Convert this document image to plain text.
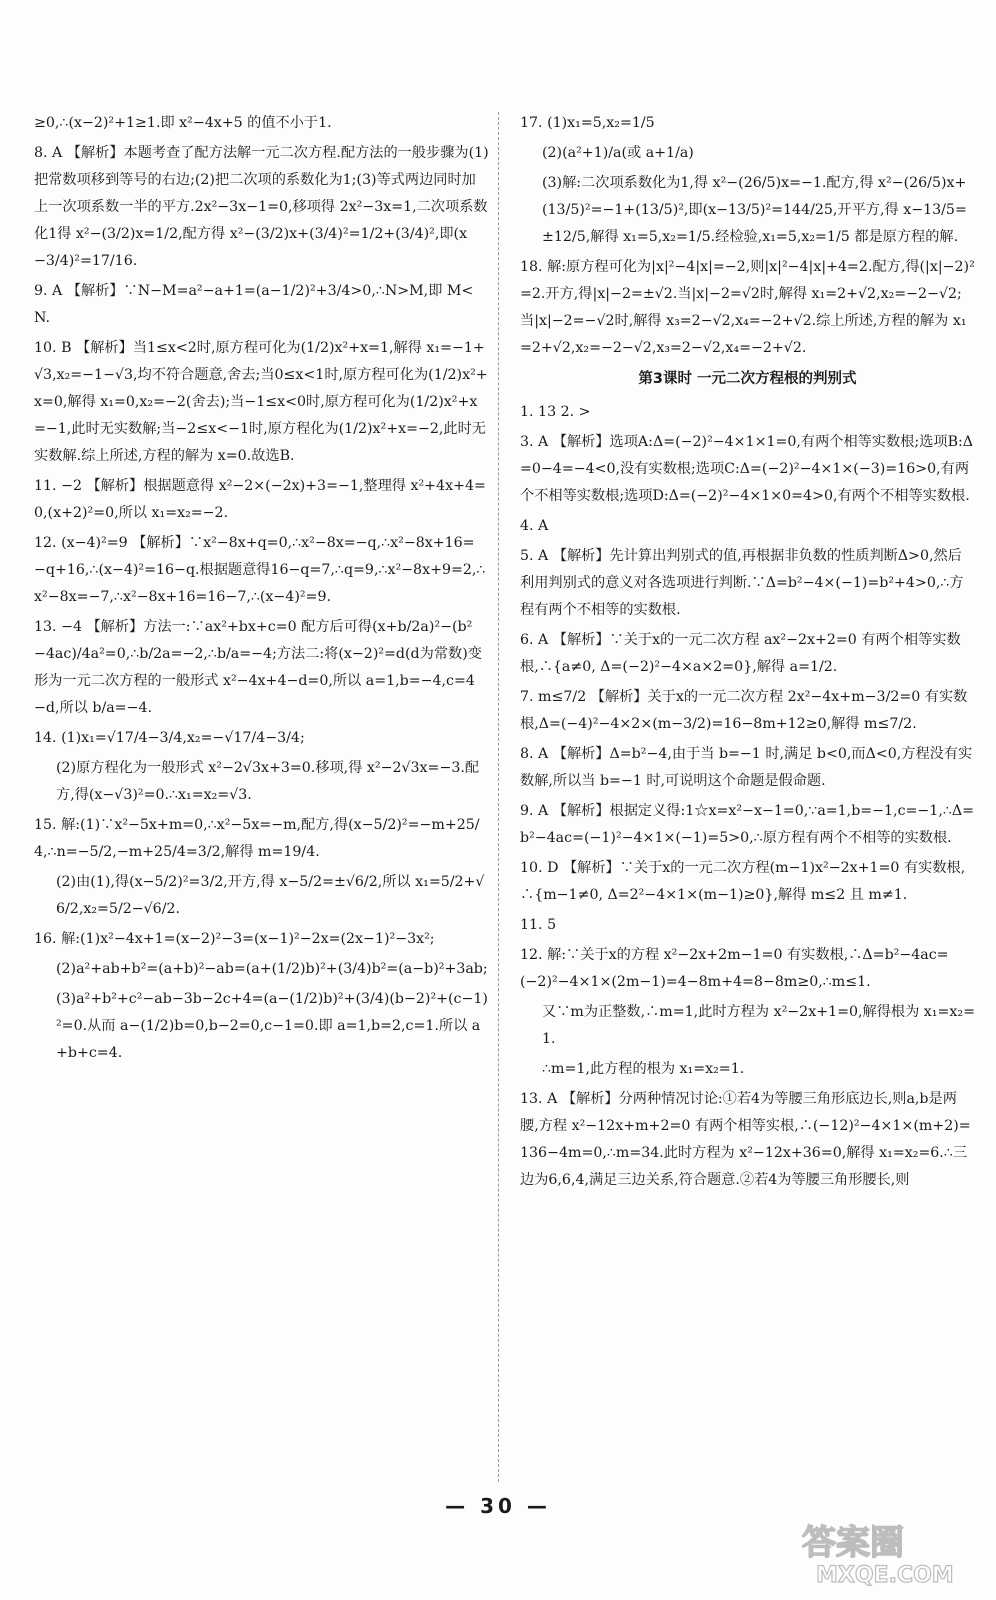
≥0,∴(x−2)²+1≥1.即 x²−4x+5 的值不小于1.

8. A 【解析】本题考查了配方法解一元二次方程.配方法的一般步骤为(1)把常数项移到等号的右边;(2)把二次项的系数化为1;(3)等式两边同时加上一次项系数一半的平方.2x²−3x−1=0,移项得 2x²−3x=1,二次项系数化1得 x²−(3/2)x=1/2,配方得 x²−(3/2)x+(3/4)²=1/2+(3/4)²,即(x−3/4)²=17/16.

9. A 【解析】∵N−M=a²−a+1=(a−1/2)²+3/4>0,∴N>M,即 M<N.

10. B 【解析】当1≤x<2时,原方程可化为(1/2)x²+x=1,解得 x₁=−1+√3,x₂=−1−√3,均不符合题意,舍去;当0≤x<1时,原方程可化为(1/2)x²+x=0,解得 x₁=0,x₂=−2(舍去);当−1≤x<0时,原方程可化为(1/2)x²+x=−1,此时无实数解;当−2≤x<−1时,原方程化为(1/2)x²+x=−2,此时无实数解.综上所述,方程的解为 x=0.故选B.

11. −2 【解析】根据题意得 x²−2×(−2x)+3=−1,整理得 x²+4x+4=0,(x+2)²=0,所以 x₁=x₂=−2.

12. (x−4)²=9 【解析】∵x²−8x+q=0,∴x²−8x=−q,∴x²−8x+16=−q+16,∴(x−4)²=16−q.根据题意得16−q=7,∴q=9,∴x²−8x+9=2,∴x²−8x=−7,∴x²−8x+16=16−7,∴(x−4)²=9.

13. −4 【解析】方法一:∵ax²+bx+c=0 配方后可得(x+b/2a)²−(b²−4ac)/4a²=0,∴b/2a=−2,∴b/a=−4;方法二:将(x−2)²=d(d为常数)变形为一元二次方程的一般形式 x²−4x+4−d=0,所以 a=1,b=−4,c=4−d,所以 b/a=−4.

14. (1)x₁=√17/4−3/4,x₂=−√17/4−3/4;

(2)原方程化为一般形式 x²−2√3x+3=0.移项,得 x²−2√3x=−3.配方,得(x−√3)²=0.∴x₁=x₂=√3.

15. 解:(1)∵x²−5x+m=0,∴x²−5x=−m,配方,得(x−5/2)²=−m+25/4,∴n=−5/2,−m+25/4=3/2,解得 m=19/4.

(2)由(1),得(x−5/2)²=3/2,开方,得 x−5/2=±√6/2,所以 x₁=5/2+√6/2,x₂=5/2−√6/2.

16. 解:(1)x²−4x+1=(x−2)²−3=(x−1)²−2x=(2x−1)²−3x²;

(2)a²+ab+b²=(a+b)²−ab=(a+(1/2)b)²+(3/4)b²=(a−b)²+3ab;

(3)a²+b²+c²−ab−3b−2c+4=(a−(1/2)b)²+(3/4)(b−2)²+(c−1)²=0.从而 a−(1/2)b=0,b−2=0,c−1=0.即 a=1,b=2,c=1.所以 a+b+c=4.

17. (1)x₁=5,x₂=1/5

(2)(a²+1)/a(或 a+1/a)

(3)解:二次项系数化为1,得 x²−(26/5)x=−1.配方,得 x²−(26/5)x+(13/5)²=−1+(13/5)²,即(x−13/5)²=144/25,开平方,得 x−13/5=±12/5,解得 x₁=5,x₂=1/5.经检验,x₁=5,x₂=1/5 都是原方程的解.

18. 解:原方程可化为|x|²−4|x|=−2,则|x|²−4|x|+4=2.配方,得(|x|−2)²=2.开方,得|x|−2=±√2.当|x|−2=√2时,解得 x₁=2+√2,x₂=−2−√2;当|x|−2=−√2时,解得 x₃=2−√2,x₄=−2+√2.综上所述,方程的解为 x₁=2+√2,x₂=−2−√2,x₃=2−√2,x₄=−2+√2.

第3课时 一元二次方程根的判别式

1. 13 2. >

3. A 【解析】选项A:Δ=(−2)²−4×1×1=0,有两个相等实数根;选项B:Δ=0−4=−4<0,没有实数根;选项C:Δ=(−2)²−4×1×(−3)=16>0,有两个不相等实数根;选项D:Δ=(−2)²−4×1×0=4>0,有两个不相等实数根.

4. A

5. A 【解析】先计算出判别式的值,再根据非负数的性质判断Δ>0,然后利用判别式的意义对各选项进行判断.∵Δ=b²−4×(−1)=b²+4>0,∴方程有两个不相等的实数根.

6. A 【解析】∵关于x的一元二次方程 ax²−2x+2=0 有两个相等实数根,∴{a≠0, Δ=(−2)²−4×a×2=0},解得 a=1/2.

7. m≤7/2 【解析】关于x的一元二次方程 2x²−4x+m−3/2=0 有实数根,Δ=(−4)²−4×2×(m−3/2)=16−8m+12≥0,解得 m≤7/2.

8. A 【解析】Δ=b²−4,由于当 b=−1 时,满足 b<0,而Δ<0,方程没有实数解,所以当 b=−1 时,可说明这个命题是假命题.

9. A 【解析】根据定义得:1☆x=x²−x−1=0,∵a=1,b=−1,c=−1,∴Δ=b²−4ac=(−1)²−4×1×(−1)=5>0,∴原方程有两个不相等的实数根.

10. D 【解析】∵关于x的一元二次方程(m−1)x²−2x+1=0 有实数根,∴{m−1≠0, Δ=2²−4×1×(m−1)≥0},解得 m≤2 且 m≠1.

11. 5

12. 解:∵关于x的方程 x²−2x+2m−1=0 有实数根,∴Δ=b²−4ac=(−2)²−4×1×(2m−1)=4−8m+4=8−8m≥0,∴m≤1.

又∵m为正整数,∴m=1,此时方程为 x²−2x+1=0,解得根为 x₁=x₂=1.

∴m=1,此方程的根为 x₁=x₂=1.

13. A 【解析】分两种情况讨论:①若4为等腰三角形底边长,则a,b是两腰,方程 x²−12x+m+2=0 有两个相等实根,∴(−12)²−4×1×(m+2)=136−4m=0,∴m=34.此时方程为 x²−12x+36=0,解得 x₁=x₂=6.∴三边为6,6,4,满足三边关系,符合题意.②若4为等腰三角形腰长,则

— 30 —
答案圈
MXQE.COM
